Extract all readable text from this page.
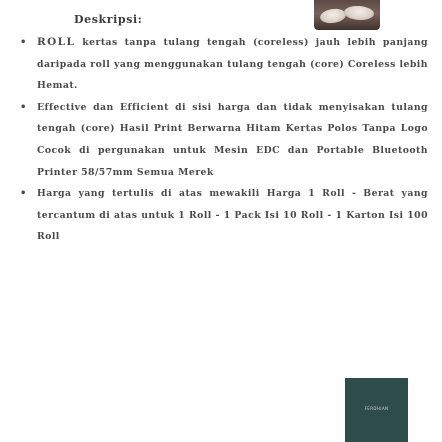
Deskripsi:
• ROLL kertas tanpa tulang tengah (coreless) jauh lebih panjang daripada roll yang menggunakan tulang tengah (core) Coreless lebih Hemat.
• Effective dan Efficient di sisi harga dan tidak menyisakan tulang tengah (core) Hasil Print Berwarna Hitam Kertas Polos Tanpa Logo Cocok di pergunakan untuk Mesin EDC dan Portable Bluetooth Printer 58/57mm Semua Merek
• Harga yang tertulis di atas mewakili Harga 1 Roll - Berat yang tercantum di atas untuk 1 Roll - 1 Pack Isi 10 Roll - 1 Karton Isi 100 Roll
FERDHIAN
